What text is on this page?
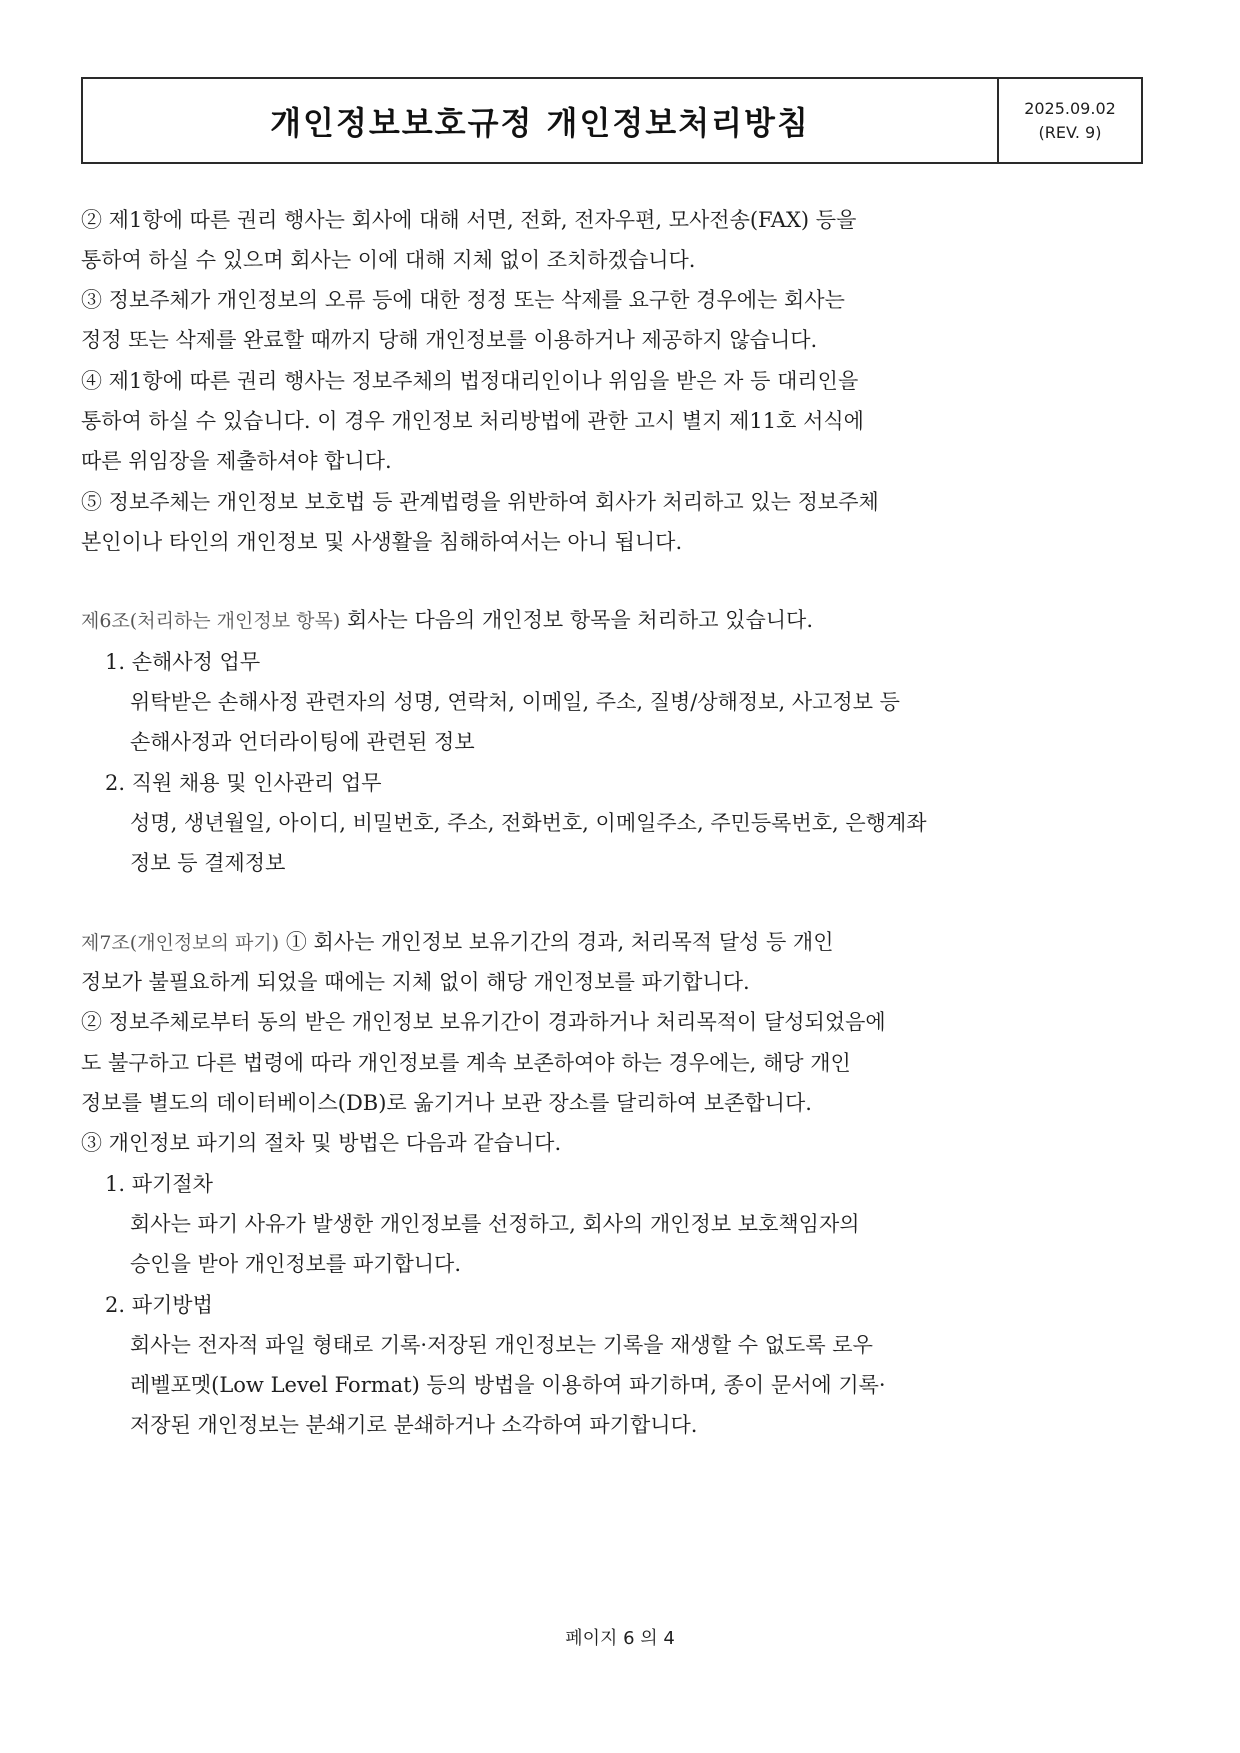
개인정보보호규정 개인정보처리방침	2025.09.02
(REV. 9)
② 제1항에 따른 권리 행사는 회사에 대해 서면, 전화, 전자우편, 모사전송(FAX) 등을
통하여 하실 수 있으며 회사는 이에 대해 지체 없이 조치하겠습니다.
③ 정보주체가 개인정보의 오류 등에 대한 정정 또는 삭제를 요구한 경우에는 회사는
정정 또는 삭제를 완료할 때까지 당해 개인정보를 이용하거나 제공하지 않습니다.
④ 제1항에 따른 권리 행사는 정보주체의 법정대리인이나 위임을 받은 자 등 대리인을
통하여 하실 수 있습니다. 이 경우 개인정보 처리방법에 관한 고시 별지 제11호 서식에
따른 위임장을 제출하셔야 합니다.
⑤ 정보주체는 개인정보 보호법 등 관계법령을 위반하여 회사가 처리하고 있는 정보주체
본인이나 타인의 개인정보 및 사생활을 침해하여서는 아니 됩니다.
제6조(처리하는 개인정보 항목) 회사는 다음의 개인정보 항목을 처리하고 있습니다.
1. 손해사정 업무
위탁받은 손해사정 관련자의 성명, 연락처, 이메일, 주소, 질병/상해정보, 사고정보 등
손해사정과 언더라이팅에 관련된 정보
2. 직원 채용 및 인사관리 업무
성명, 생년월일, 아이디, 비밀번호, 주소, 전화번호, 이메일주소, 주민등록번호, 은행계좌
정보 등 결제정보
제7조(개인정보의 파기) ① 회사는 개인정보 보유기간의 경과, 처리목적 달성 등 개인
정보가 불필요하게 되었을 때에는 지체 없이 해당 개인정보를 파기합니다.
② 정보주체로부터 동의 받은 개인정보 보유기간이 경과하거나 처리목적이 달성되었음에
도 불구하고 다른 법령에 따라 개인정보를 계속 보존하여야 하는 경우에는, 해당 개인
정보를 별도의 데이터베이스(DB)로 옮기거나 보관 장소를 달리하여 보존합니다.
③ 개인정보 파기의 절차 및 방법은 다음과 같습니다.
1. 파기절차
회사는 파기 사유가 발생한 개인정보를 선정하고, 회사의 개인정보 보호책임자의
승인을 받아 개인정보를 파기합니다.
2. 파기방법
회사는 전자적 파일 형태로 기록·저장된 개인정보는 기록을 재생할 수 없도록 로우
레벨포멧(Low Level Format) 등의 방법을 이용하여 파기하며, 종이 문서에 기록·
저장된 개인정보는 분쇄기로 분쇄하거나 소각하여 파기합니다.
페이지 6 의 4
